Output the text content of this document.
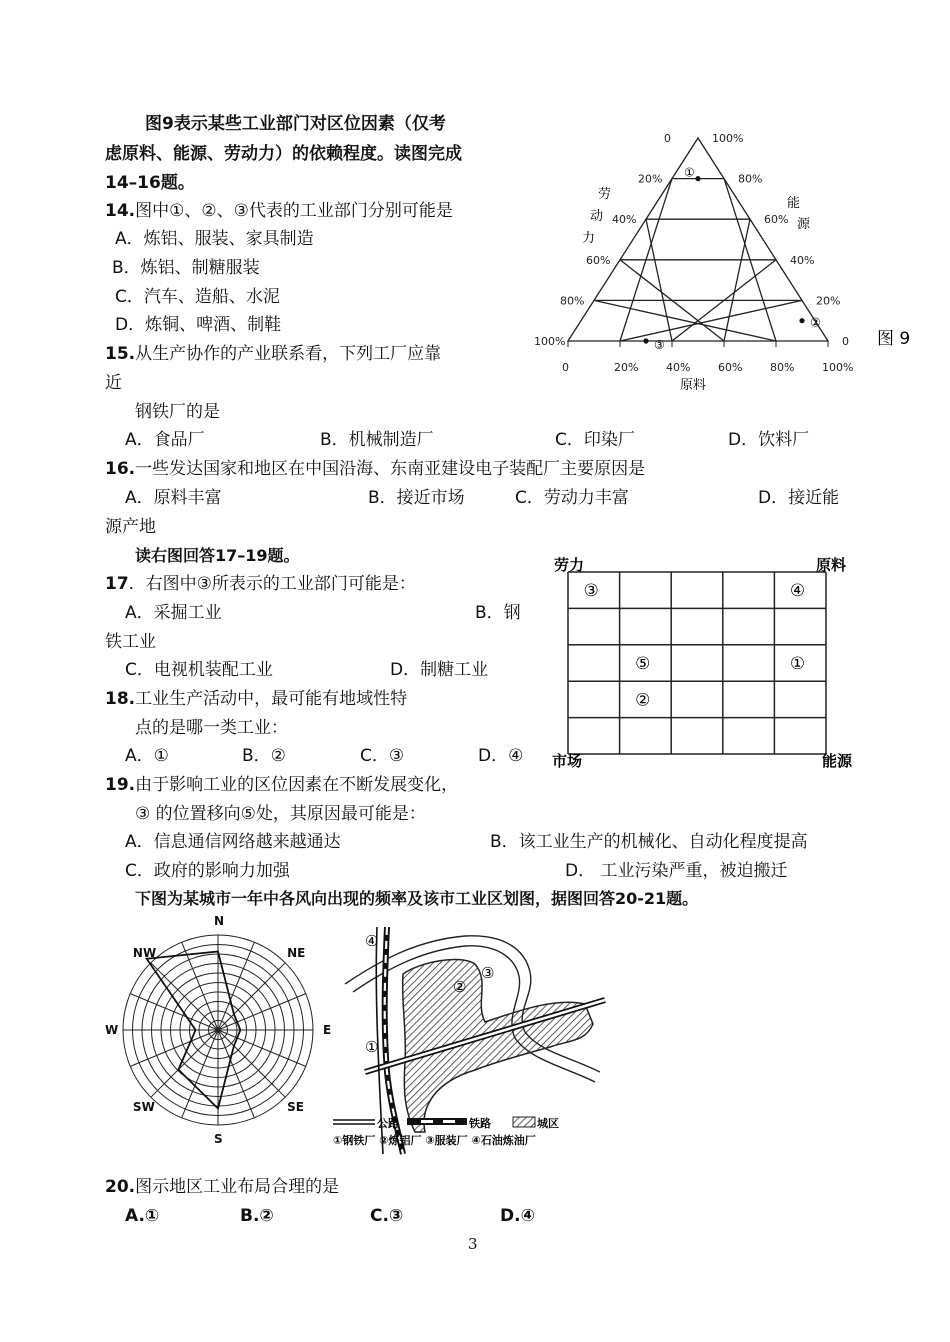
图9表示某些工业部门对区位因素（仅考
虑原料、能源、劳动力）的依赖程度。读图完成
14–16题。
14.图中①、②、③代表的工业部门分别可能是
A．炼铝、服装、家具制造
B．炼铝、制糖服装
C．汽车、造船、水泥
D．炼铜、啤酒、制鞋
15.从生产协作的产业联系看，下列工厂应靠
近
钢铁厂的是
A．食品厂	B．机械制造厂	C．印染厂	D．饮料厂
16.一些发达国家和地区在中国沿海、东南亚建设电子装配厂主要原因是
A．原料丰富	B．接近市场	C．劳动力丰富	D．接近能
源产地
读右图回答17–19题。
17．右图中③所表示的工业部门可能是：
A．采掘工业	B．钢
铁工业
C．电视机装配工业	D．制糖工业
18.工业生产活动中，最可能有地域性特
点的是哪一类工业：
A．①	B．②	C．③	D．④
19.由于影响工业的区位因素在不断发展变化，
③ 的位置移向⑤处，其原因最可能是：
A．信息通信网络越来越通达	B．该工业生产的机械化、自动化程度提高
C．政府的影响力加强	D． 工业污染严重，被迫搬迁
下图为某城市一年中各风向出现的频率及该市工业区划图，据图回答20-21题。
20.图示地区工业布局合理的是
A.①	B.②	C.③	D.④
3
0	20%	40%	60%	80%	100%
0
20%
40%
60%
80%
100%
100%
80%
60%
40%
20%
0
①
②
③
劳
动
力
能
源
原料
图 9
③	④
⑤	①
②
劳力	原料
市场	能源
N
NE
E
SE
S
SW
W
NW
④
①
②
③
公路	铁路	城区
①钢铁厂 ②炼铝厂 ③服装厂 ④石油炼油厂
